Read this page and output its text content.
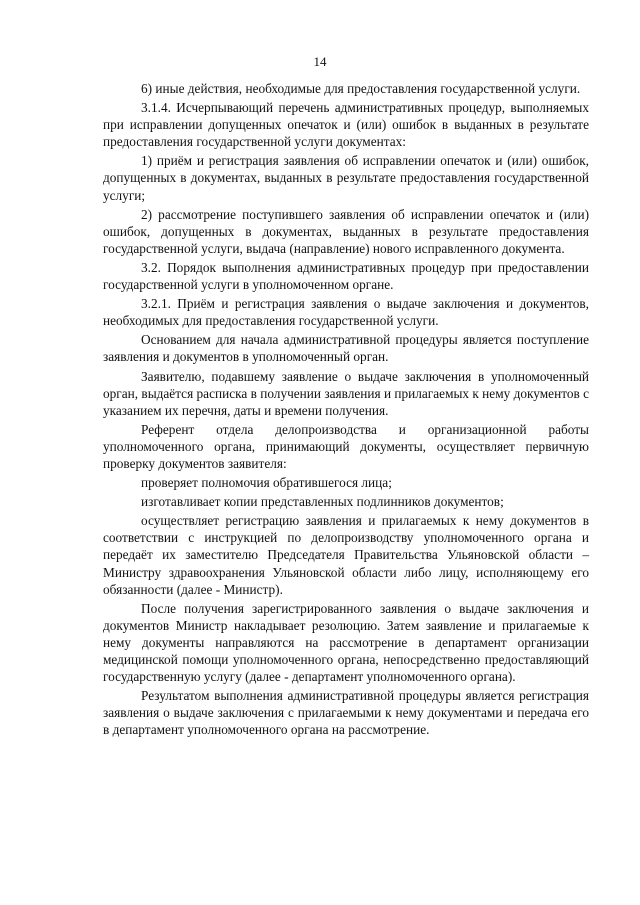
14

6) иные действия, необходимые для предоставления государственной услуги.

3.1.4. Исчерпывающий перечень административных процедур, выполняемых при исправлении допущенных опечаток и (или) ошибок в выданных в результате предоставления государственной услуги документах:

1) приём и регистрация заявления об исправлении опечаток и (или) ошибок, допущенных в документах, выданных в результате предоставления государственной услуги;

2) рассмотрение поступившего заявления об исправлении опечаток и (или) ошибок, допущенных в документах, выданных в результате предоставления государственной услуги, выдача (направление) нового исправленного документа.

3.2. Порядок выполнения административных процедур при предоставлении государственной услуги в уполномоченном органе.

3.2.1. Приём и регистрация заявления о выдаче заключения и документов, необходимых для предоставления государственной услуги.

Основанием для начала административной процедуры является поступление заявления и документов в уполномоченный орган.

Заявителю, подавшему заявление о выдаче заключения в уполномоченный орган, выдаётся расписка в получении заявления и прилагаемых к нему документов с указанием их перечня, даты и времени получения.

Референт отдела делопроизводства и организационной работы уполномоченного органа, принимающий документы, осуществляет первичную проверку документов заявителя:

проверяет полномочия обратившегося лица;

изготавливает копии представленных подлинников документов;

осуществляет регистрацию заявления и прилагаемых к нему документов в соответствии с инструкцией по делопроизводству уполномоченного органа и передаёт их заместителю Председателя Правительства Ульяновской области – Министру здравоохранения Ульяновской области либо лицу, исполняющему его обязанности (далее - Министр).

После получения зарегистрированного заявления о выдаче заключения и документов Министр накладывает резолюцию. Затем заявление и прилагаемые к нему документы направляются на рассмотрение в департамент организации медицинской помощи уполномоченного органа, непосредственно предоставляющий государственную услугу (далее - департамент уполномоченного органа).

Результатом выполнения административной процедуры является регистрация заявления о выдаче заключения с прилагаемыми к нему документами и передача его в департамент уполномоченного органа на рассмотрение.
